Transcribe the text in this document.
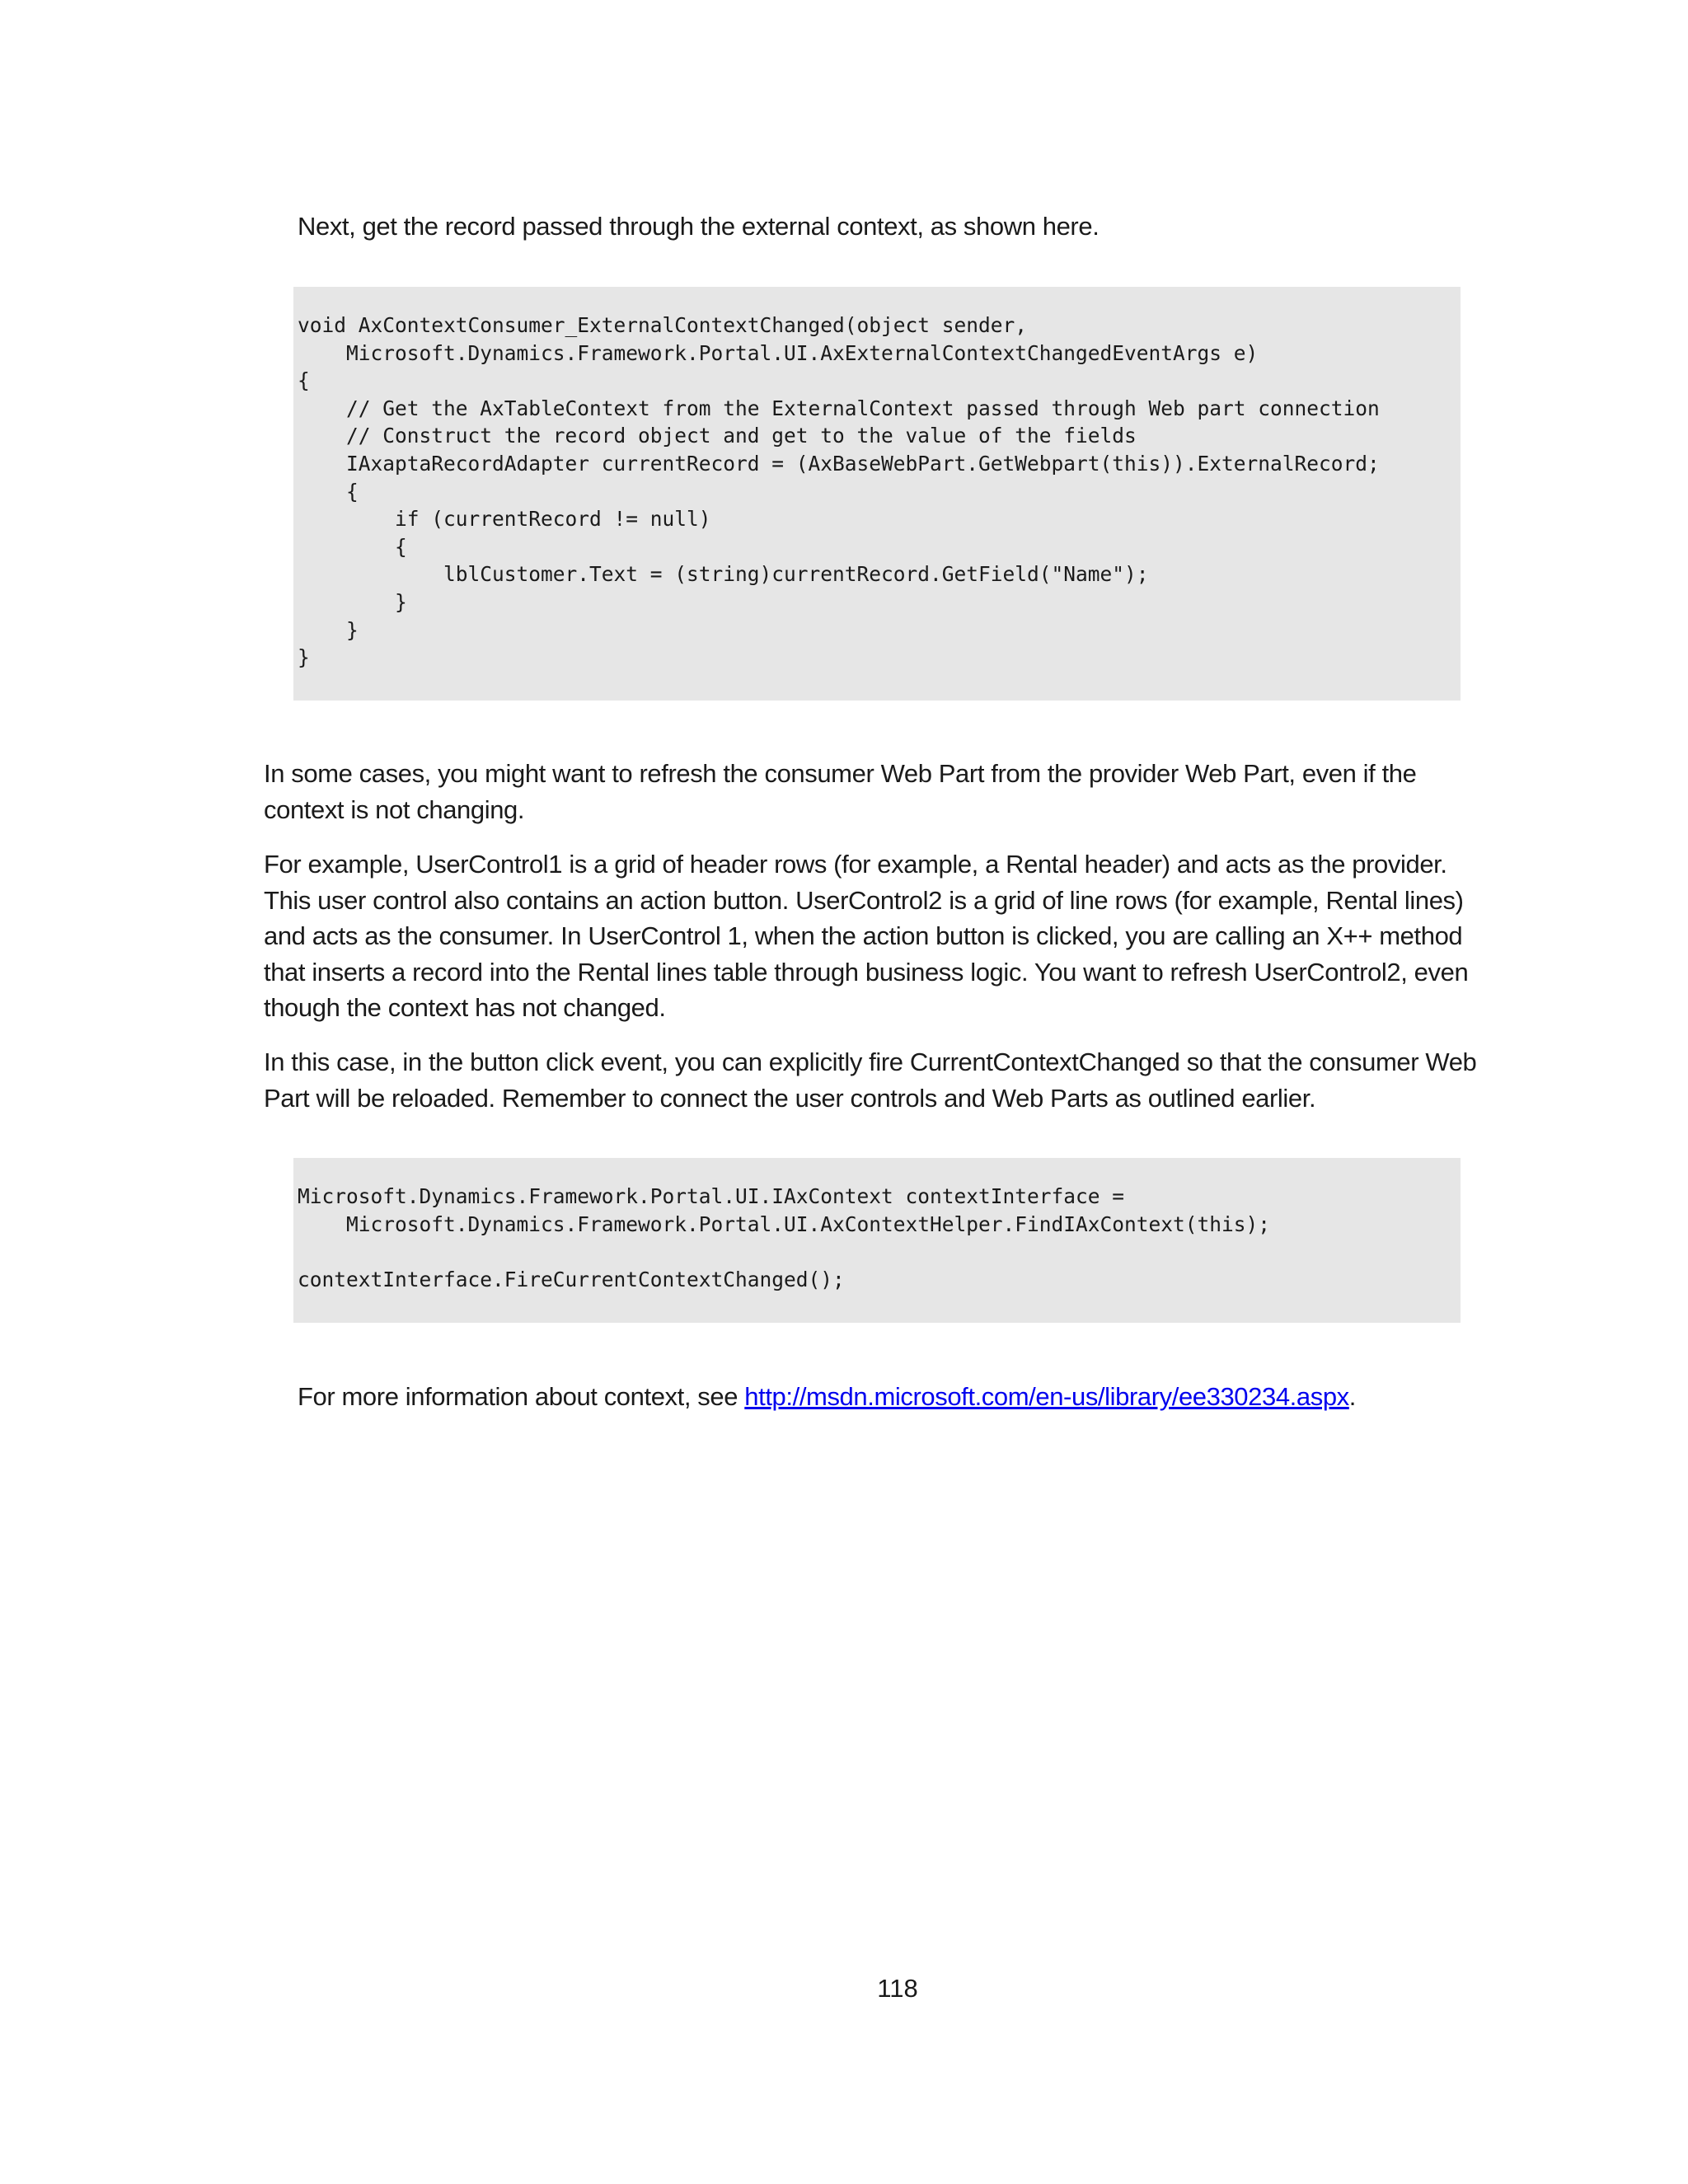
Next, get the record passed through the external context, as shown here.

void AxContextConsumer_ExternalContextChanged(object sender,
Microsoft.Dynamics.Framework.Portal.UI.AxExternalContextChangedEventArgs e)
{
// Get the AxTableContext from the ExternalContext passed through Web part connection
// Construct the record object and get to the value of the fields
IAxaptaRecordAdapter currentRecord = (AxBaseWebPart.GetWebpart(this)).ExternalRecord;
{
if (currentRecord != null)
{
lblCustomer.Text = (string)currentRecord.GetField("Name");
}
}
}

In some cases, you might want to refresh the consumer Web Part from the provider Web Part, even if the context is not changing.

For example, UserControl1 is a grid of header rows (for example, a Rental header) and acts as the provider. This user control also contains an action button. UserControl2 is a grid of line rows (for example, Rental lines) and acts as the consumer. In UserControl 1, when the action button is clicked, you are calling an X++ method that inserts a record into the Rental lines table through business logic. You want to refresh UserControl2, even though the context has not changed.

In this case, in the button click event, you can explicitly fire CurrentContextChanged so that the consumer Web Part will be reloaded. Remember to connect the user controls and Web Parts as outlined earlier.

Microsoft.Dynamics.Framework.Portal.UI.IAxContext contextInterface =
Microsoft.Dynamics.Framework.Portal.UI.AxContextHelper.FindIAxContext(this);

contextInterface.FireCurrentContextChanged();

For more information about context, see http://msdn.microsoft.com/en-us/library/ee330234.aspx.

118
